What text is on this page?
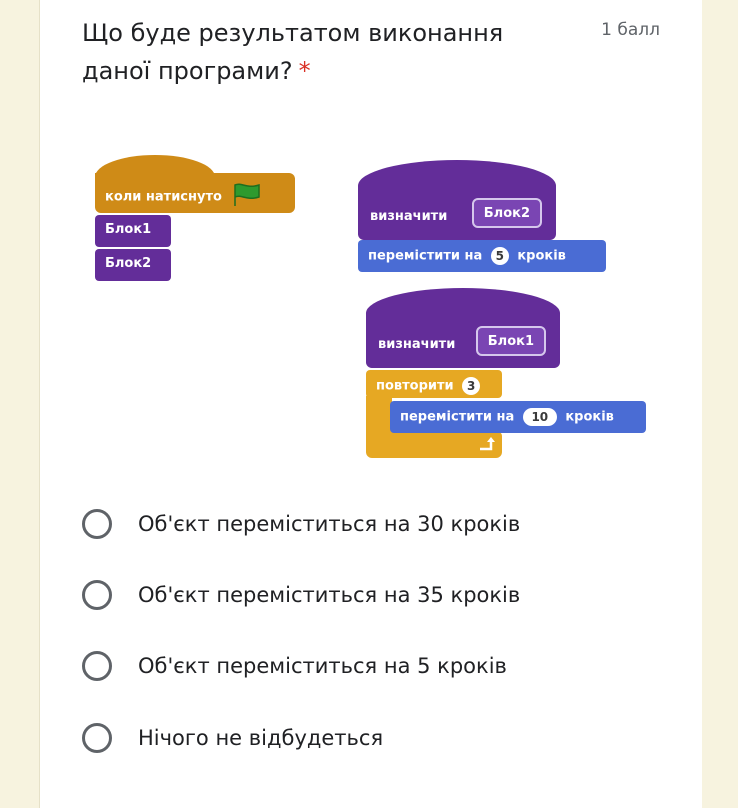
Що буде результатом виконання даної програми? *
1 балл
коли натиснуто
Блок1
Блок2
визначити	Блок2
перемістити на 5 кроків
визначити	Блок1
повторити 3
перемістити на 10 кроків
Об'єкт переміститься на 30 кроків
Об'єкт переміститься на 35 кроків
Об'єкт переміститься на 5 кроків
Нічого не відбудеться
